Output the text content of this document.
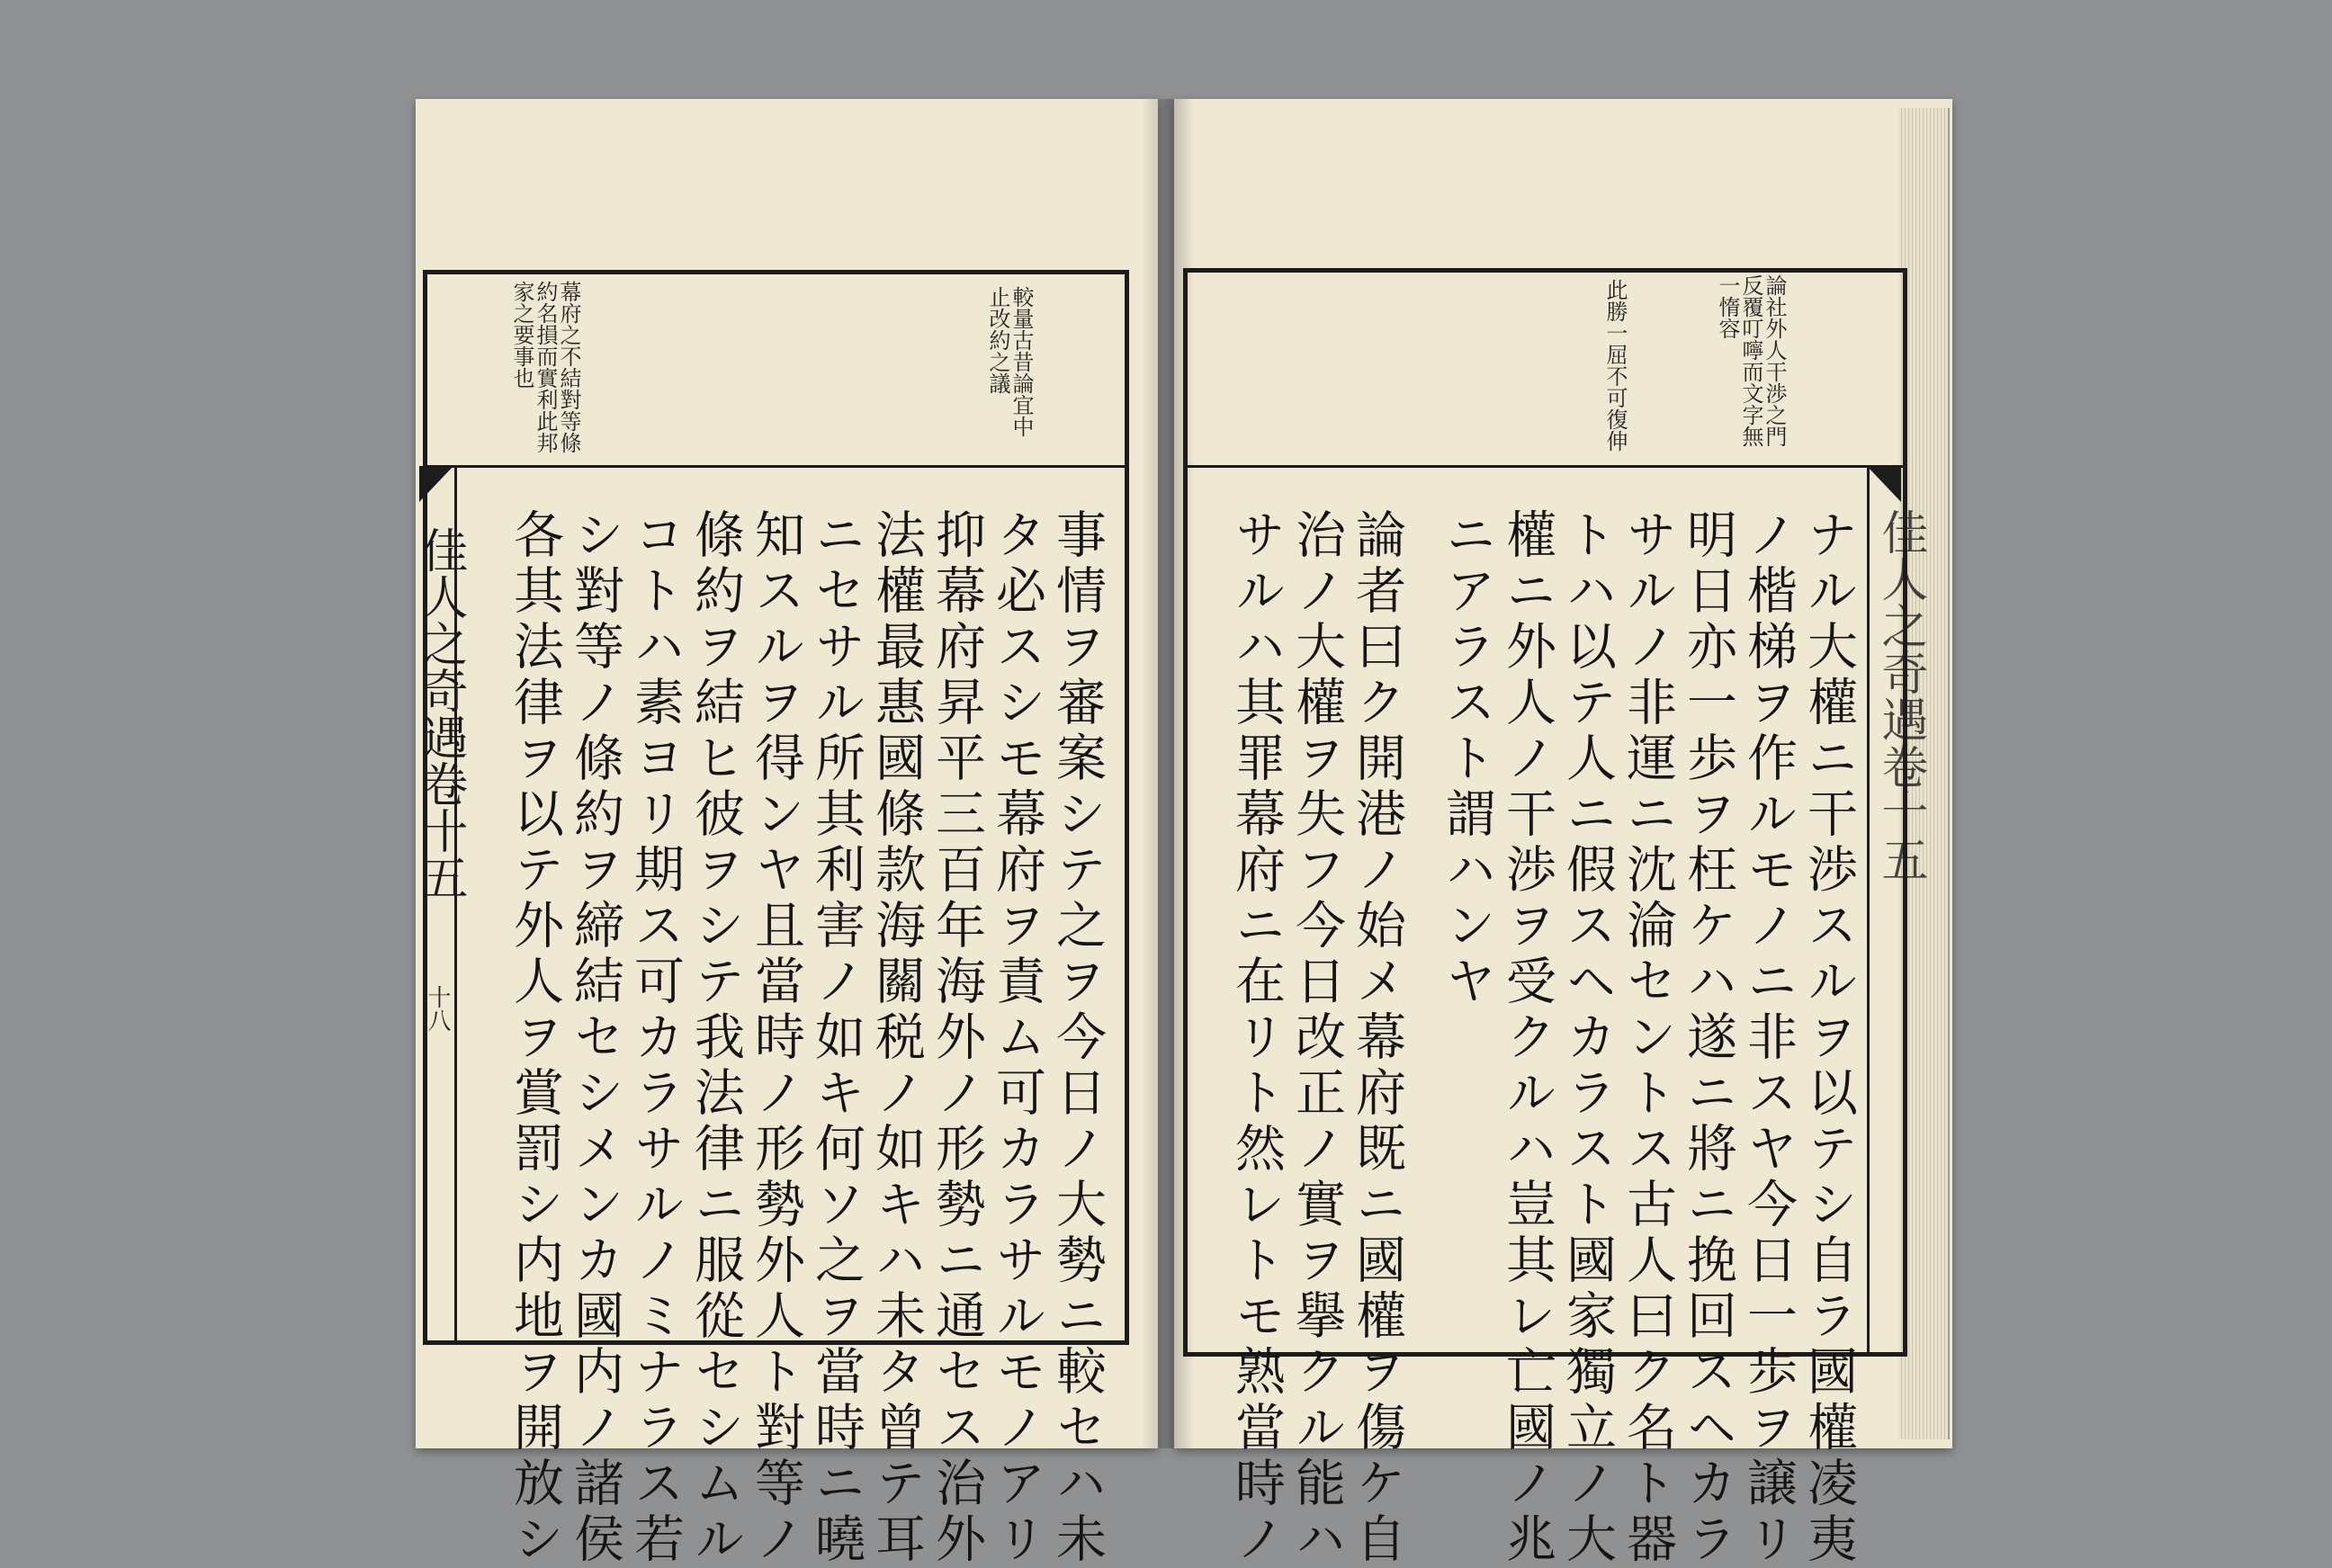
佳人之奇遇卷十五
十八
佳人之奇遇卷十五
較量古昔論宜中止改約之議
幕府之不結對等條約名損而實利此邦家之要事也	論社外人干渉之門反覆叮嚀而文字無一惰容
此勝一屈不可復伸
事情ヲ審案シテ之ヲ今日ノ大勢ニ較セハ未
タ必スシモ幕府ヲ責ム可カラサルモノアリ
抑幕府昇平三百年海外ノ形勢ニ通セス治外
法權最惠國條款海關税ノ如キハ未タ曾テ耳
ニセサル所其利害ノ如キ何ソ之ヲ當時ニ曉
知スルヲ得ンヤ且當時ノ形勢外人ト對等ノ
條約ヲ結ヒ彼ヲシテ我法律ニ服從セシムル
コトハ素ヨリ期ス可カラサルノミナラス若
シ對等ノ條約ヲ締結セシメンカ國内ノ諸侯
各其法律ヲ以テ外人ヲ賞罰シ内地ヲ開放シ	ナル大權ニ干渉スルヲ以テシ自ラ國權凌夷
ノ楷梯ヲ作ルモノニ非スヤ今日一歩ヲ譲リ
明日亦一歩ヲ枉ケハ遂ニ將ニ挽回スヘカラ
サルノ非運ニ沈淪セントス古人曰ク名ト器
トハ以テ人ニ假スヘカラスト國家獨立ノ大
權ニ外人ノ干渉ヲ受クルハ豈其レ亡國ノ兆
ニアラスト謂ハンヤ
論者曰ク開港ノ始メ幕府既ニ國權ヲ傷ケ自
治ノ大權ヲ失フ今日改正ノ實ヲ擧クル能ハ
サルハ其罪幕府ニ在リト然レトモ熟當時ノ
